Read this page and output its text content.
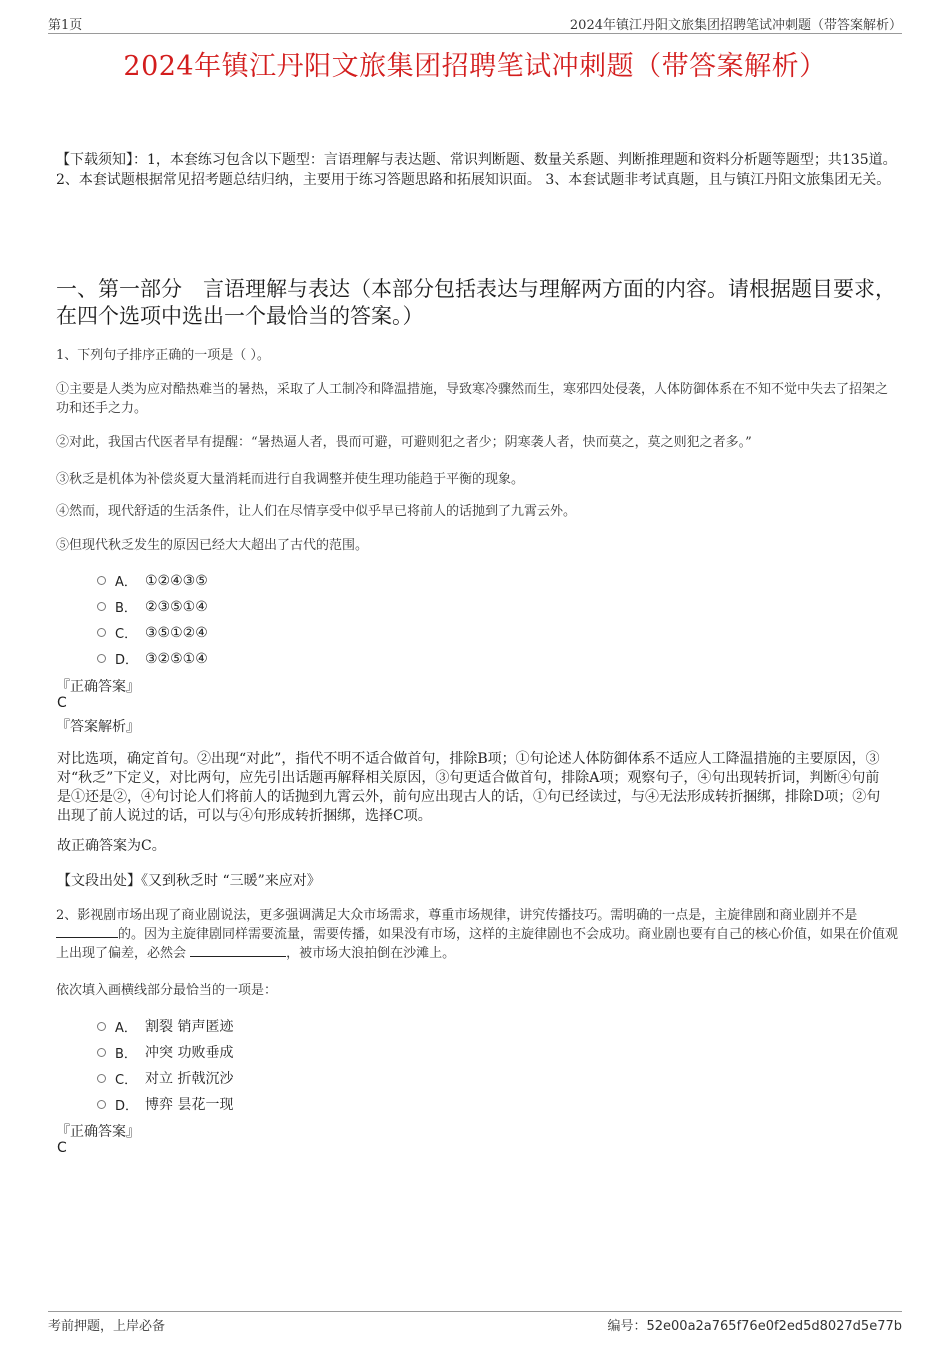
第1页	2024年镇江丹阳文旅集团招聘笔试冲刺题（带答案解析）
2024年镇江丹阳文旅集团招聘笔试冲刺题（带答案解析）
【下载须知】：1，本套练习包含以下题型：言语理解与表达题、常识判断题、数量关系题、判断推理题和资料分析题等题型；共135道。 2、本套试题根据常见招考题总结归纳，主要用于练习答题思路和拓展知识面。 3、本套试题非考试真题，且与镇江丹阳文旅集团无关。
一、第一部分　言语理解与表达（本部分包括表达与理解两方面的内容。请根据题目要求，在四个选项中选出一个最恰当的答案。）
1、下列句子排序正确的一项是（ ）。
①主要是人类为应对酷热难当的暑热，采取了人工制冷和降温措施，导致寒冷骤然而生，寒邪四处侵袭，人体防御体系在不知不觉中失去了招架之功和还手之力。
②对此，我国古代医者早有提醒：“暑热逼人者，畏而可避，可避则犯之者少；阴寒袭人者，快而莫之，莫之则犯之者多。”
③秋乏是机体为补偿炎夏大量消耗而进行自我调整并使生理功能趋于平衡的现象。
④然而，现代舒适的生活条件，让人们在尽情享受中似乎早已将前人的话抛到了九霄云外。
⑤但现代秋乏发生的原因已经大大超出了古代的范围。
A． ①②④③⑤
B． ②③⑤①④
C． ③⑤①②④
D． ③②⑤①④
『正确答案』
C
『答案解析』
对比选项，确定首句。②出现“对此”，指代不明不适合做首句，排除B项；①句论述人体防御体系不适应人工降温措施的主要原因，③对“秋乏”下定义，对比两句，应先引出话题再解释相关原因，③句更适合做首句，排除A项；观察句子，④句出现转折词，判断④句前是①还是②，④句讨论人们将前人的话抛到九霄云外，前句应出现古人的话，①句已经读过，与④无法形成转折捆绑，排除D项；②句出现了前人说过的话，可以与④句形成转折捆绑，选择C项。
故正确答案为C。
【文段出处】《又到秋乏时 “三暖”来应对》
2、影视剧市场出现了商业剧说法，更多强调满足大众市场需求，尊重市场规律，讲究传播技巧。需明确的一点是，主旋律剧和商业剧并不是的。因为主旋律剧同样需要流量，需要传播，如果没有市场，这样的主旋律剧也不会成功。商业剧也要有自己的核心价值，如果在价值观上出现了偏差，必然会	，被市场大浪拍倒在沙滩上。
依次填入画横线部分最恰当的一项是：
A． 割裂 销声匿迹
B． 冲突 功败垂成
C． 对立 折戟沉沙
D． 博弈 昙花一现
『正确答案』
C
考前押题，上岸必备	编号：52e00a2a765f76e0f2ed5d8027d5e77b
